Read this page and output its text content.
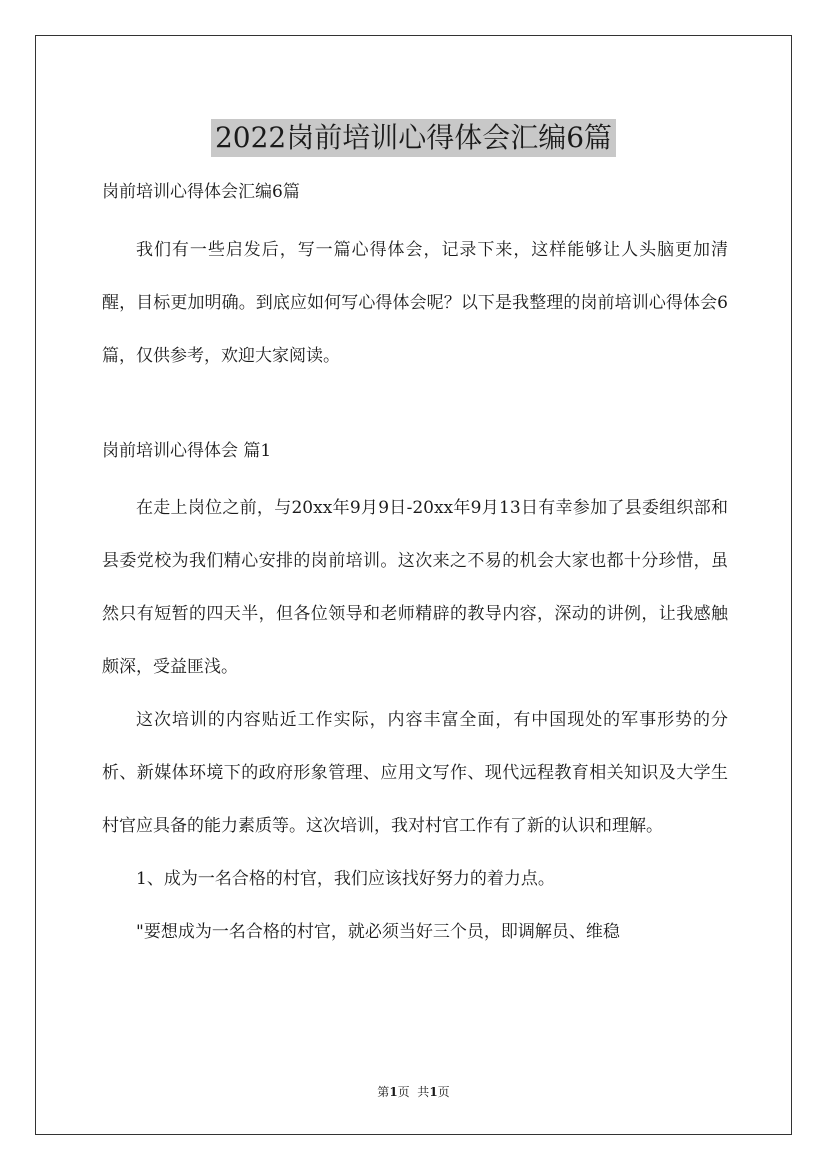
2022岗前培训心得体会汇编6篇

岗前培训心得体会汇编6篇

我们有一些启发后，写一篇心得体会，记录下来，这样能够让人头脑更加清醒，目标更加明确。到底应如何写心得体会呢？以下是我整理的岗前培训心得体会6篇，仅供参考，欢迎大家阅读。

岗前培训心得体会 篇1

在走上岗位之前，与20xx年9月9日-20xx年9月13日有幸参加了县委组织部和县委党校为我们精心安排的岗前培训。这次来之不易的机会大家也都十分珍惜，虽然只有短暂的四天半，但各位领导和老师精辟的教导内容，深动的讲例，让我感触颇深，受益匪浅。

这次培训的内容贴近工作实际，内容丰富全面，有中国现处的军事形势的分析、新媒体环境下的政府形象管理、应用文写作、现代远程教育相关知识及大学生村官应具备的能力素质等。这次培训，我对村官工作有了新的认识和理解。

1、成为一名合格的村官，我们应该找好努力的着力点。

"要想成为一名合格的村官，就必须当好三个员，即调解员、维稳

第1页  共1页
